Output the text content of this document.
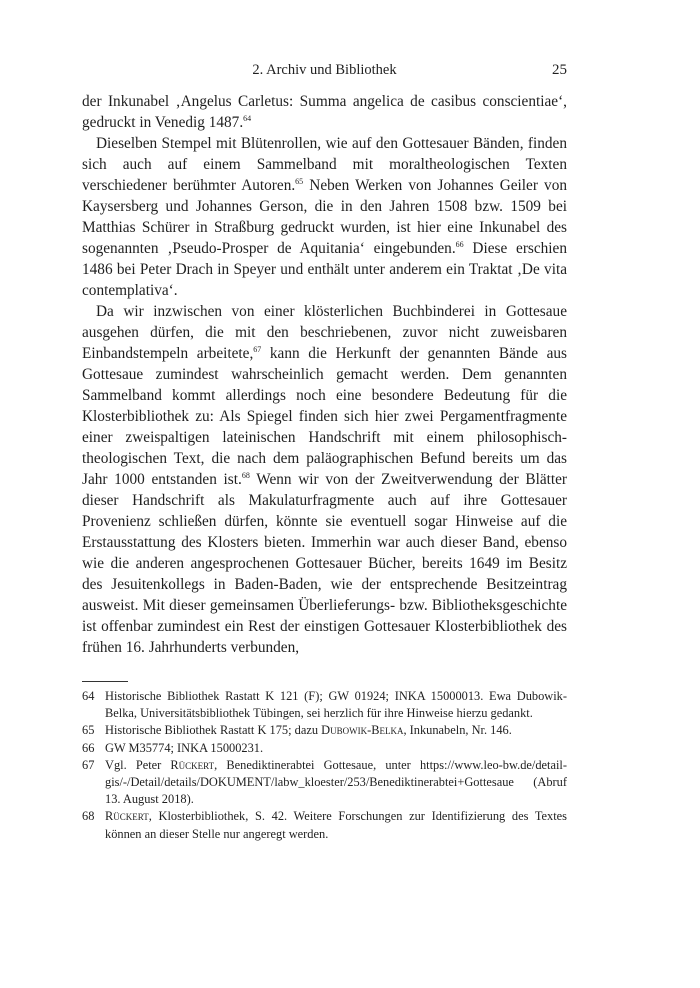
2. Archiv und Bibliothek	25

der Inkunabel ‚Angelus Carletus: Summa angelica de casibus conscientiae‘, gedruckt in Venedig 1487.64

Dieselben Stempel mit Blütenrollen, wie auf den Gottesauer Bänden, finden sich auch auf einem Sammelband mit moraltheologischen Texten verschiedener berühmter Autoren.$^{65}$ Neben Werken von Johannes Geiler von Kaysersberg und Johannes Gerson, die in den Jahren 1508 bzw. 1509 bei Matthias Schürer in Straßburg gedruckt wurden, ist hier eine Inkunabel des sogenannten ‚Pseudo-Prosper de Aquitania‘ eingebunden.$^{66}$ Diese erschien 1486 bei Peter Drach in Speyer und enthält unter anderem ein Traktat ‚De vita contemplativa‘.

Da wir inzwischen von einer klösterlichen Buchbinderei in Gottesaue ausgehen dürfen, die mit den beschriebenen, zuvor nicht zuweisbaren Einbandstempeln arbeitete,$^{67}$ kann die Herkunft der genannten Bände aus Gottesaue zumindest wahrscheinlich gemacht werden. Dem genannten Sammelband kommt allerdings noch eine besondere Bedeutung für die Klosterbibliothek zu: Als Spiegel finden sich hier zwei Pergamentfragmente einer zweispaltigen lateinischen Handschrift mit einem philosophisch-theologischen Text, die nach dem paläographischen Befund bereits um das Jahr 1000 entstanden ist.$^{68}$ Wenn wir von der Zweitverwendung der Blätter dieser Handschrift als Makulaturfragmente auch auf ihre Gottesauer Provenienz schließen dürfen, könnte sie eventuell sogar Hinweise auf die Erstausstattung des Klosters bieten. Immerhin war auch dieser Band, ebenso wie die anderen angesprochenen Gottesauer Bücher, bereits 1649 im Besitz des Jesuitenkollegs in Baden-Baden, wie der entsprechende Besitzeintrag ausweist. Mit dieser gemeinsamen Überlieferungs- bzw. Bibliotheksgeschichte ist offenbar zumindest ein Rest der einstigen Gottesauer Klosterbibliothek des frühen 16. Jahrhunderts verbunden,

64 Historische Bibliothek Rastatt K 121 (F); GW 01924; INKA 15000013. Ewa Dubowik-Belka, Universitätsbibliothek Tübingen, sei herzlich für ihre Hinweise hierzu gedankt.

65 Historische Bibliothek Rastatt K 175; dazu Dubowik-Belka, Inkunabeln, Nr. 146.

66 GW M35774; INKA 15000231.

67 Vgl. Peter Rückert, Benediktinerabtei Gottesaue, unter https://www.leo-bw.de/detail-gis/-/Detail/details/DOKUMENT/labw_kloester/253/Benediktinerabtei+Gottesaue (Abruf 13. August 2018).

68 Rückert, Klosterbibliothek, S. 42. Weitere Forschungen zur Identifizierung des Textes können an dieser Stelle nur angeregt werden.
